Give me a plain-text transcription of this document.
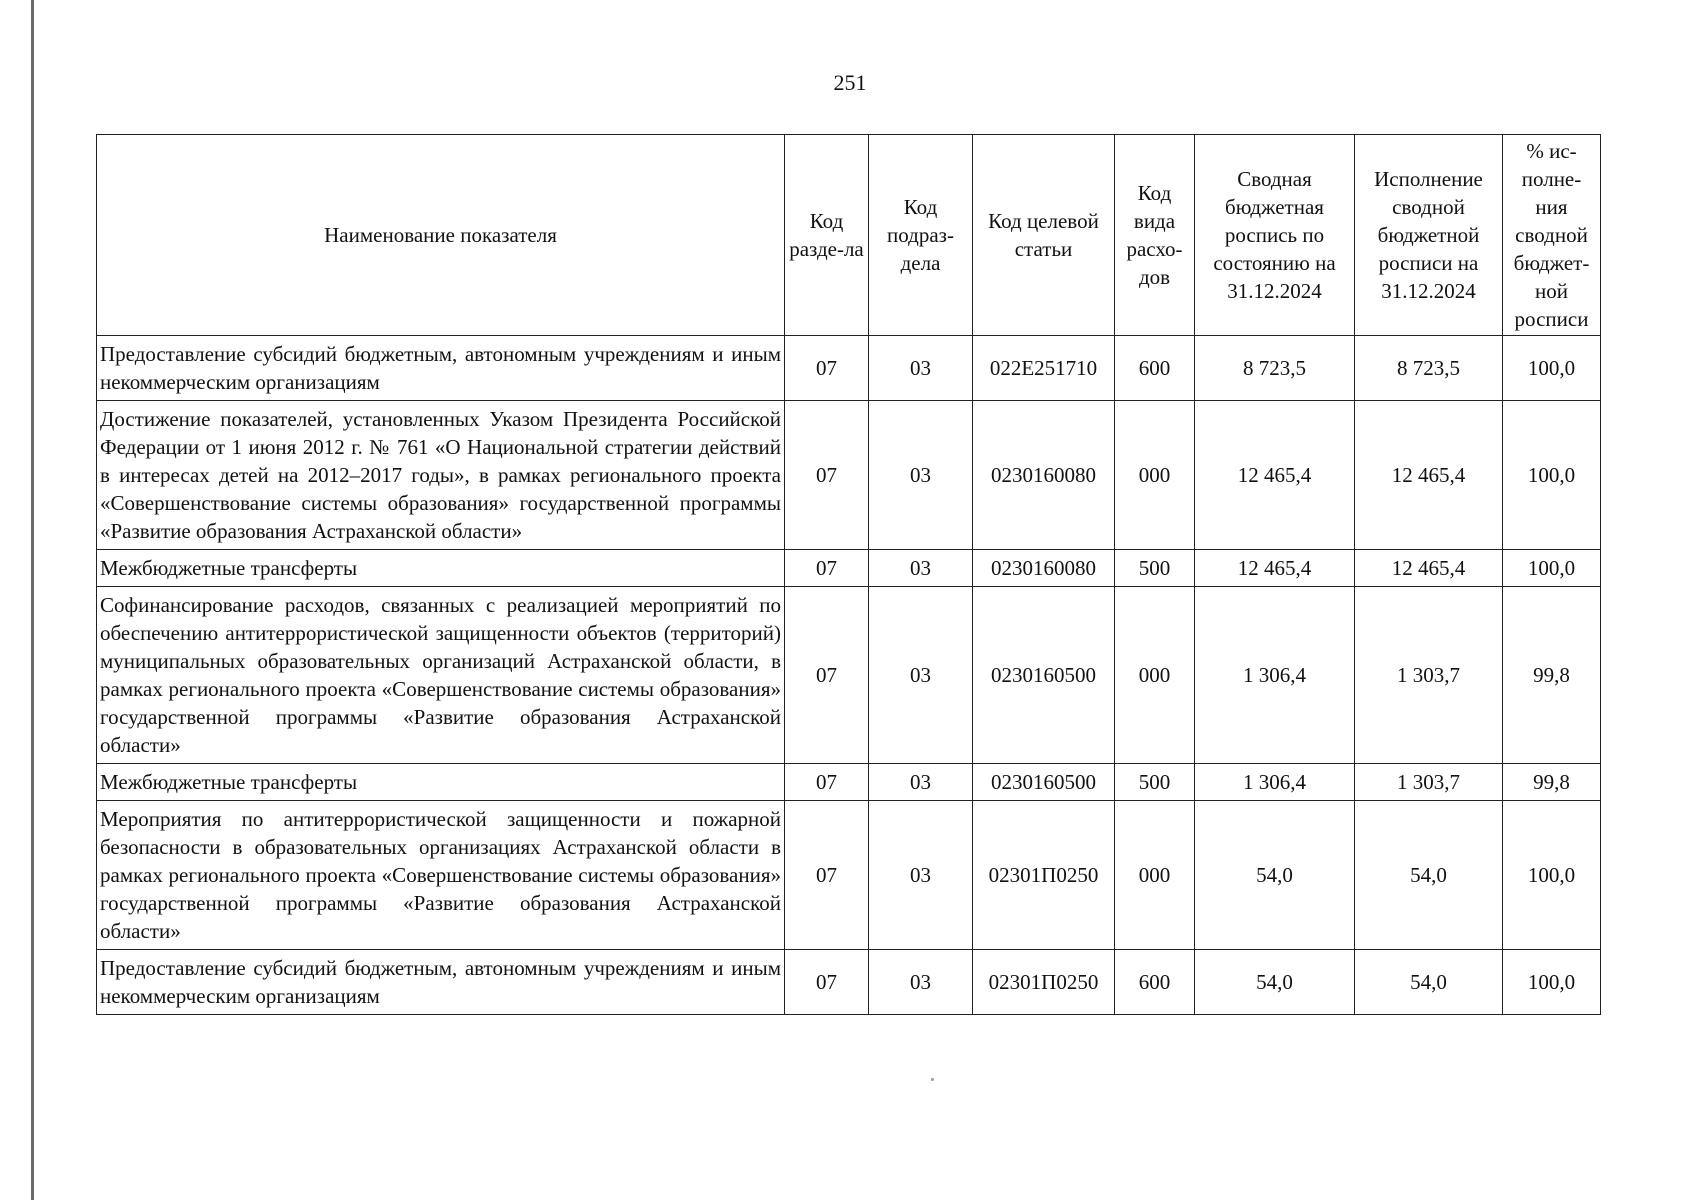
251
Наименование показателя	Код разде-ла	Код подраз-дела	Код целевой статьи	Код вида расхо-дов	Сводная бюджетная роспись по состоянию на 31.12.2024	Исполнение сводной бюджетной росписи на 31.12.2024	% ис-полне-ния сводной бюджет-ной росписи
Предоставление субсидий бюджетным, автономным учреждениям и иным некоммерческим организациям	07	03	022Е251710	600	8 723,5	8 723,5	100,0
Достижение показателей, установленных Указом Президента Российской Федерации от 1 июня 2012 г. № 761 «О Национальной стратегии действий в интересах детей на 2012–2017 годы», в рамках регионального проекта «Совершенствование системы образования» государственной программы «Развитие образования Астраханской области»	07	03	0230160080	000	12 465,4	12 465,4	100,0
Межбюджетные трансферты	07	03	0230160080	500	12 465,4	12 465,4	100,0
Софинансирование расходов, связанных с реализацией мероприятий по обеспечению антитеррористической защищенности объектов (территорий) муниципальных образовательных организаций Астраханской области, в рамках регионального проекта «Совершенствование системы образования» государственной программы «Развитие образования Астраханской области»	07	03	0230160500	000	1 306,4	1 303,7	99,8
Межбюджетные трансферты	07	03	0230160500	500	1 306,4	1 303,7	99,8
Мероприятия по антитеррористической защищенности и пожарной безопасности в образовательных организациях Астраханской области в рамках регионального проекта «Совершенствование системы образования» государственной программы «Развитие образования Астраханской области»	07	03	02301П0250	000	54,0	54,0	100,0
Предоставление субсидий бюджетным, автономным учреждениям и иным некоммерческим организациям	07	03	02301П0250	600	54,0	54,0	100,0
